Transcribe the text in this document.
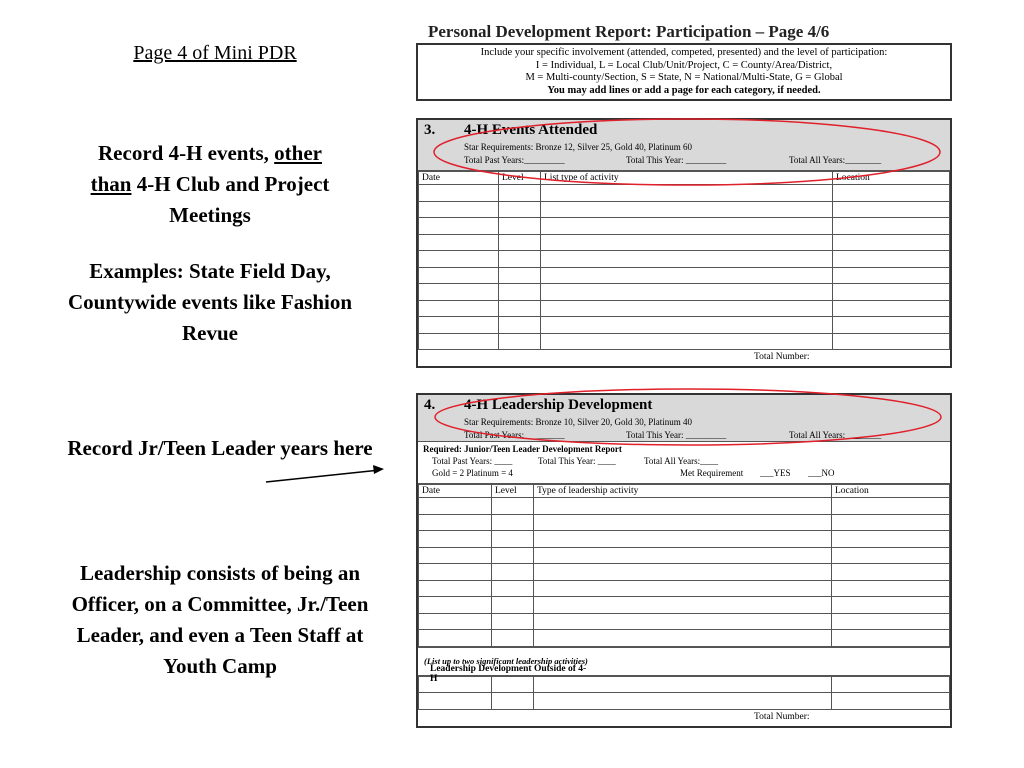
Page 4 of Mini PDR
Record 4-H events, other
than 4-H Club and Project Meetings
Examples: State Field Day, Countywide events like Fashion Revue
Record Jr/Teen Leader years here
Leadership consists of being an Officer, on a Committee, Jr./Teen Leader, and even a Teen Staff at Youth Camp
Personal Development Report: Participation – Page 4/6
Include your specific involvement (attended, competed, presented) and the level of participation:
I = Individual, L = Local Club/Unit/Project, C = County/Area/District,
M = Multi-county/Section, S = State, N = National/Multi-State, G = Global
You may add lines or add a page for each category, if needed.
3. 4-H Events Attended
Star Requirements: Bronze 12, Silver 25, Gold 40, Platinum 60
Total Past Years:_________	Total This Year: _________	Total All Years:________
Date	Level	List type of activity	Location

Total Number:
4. 4-H Leadership Development
Star Requirements: Bronze 10, Silver 20, Gold 30, Platinum 40
Total Past Years:_________	Total This Year: _________	Total All Years:________
Required: Junior/Teen Leader Development Report
Total Past Years: ____	Total This Year: ____	Total All Years:____
Gold = 2 Platinum = 4	Met Requirement ___YES ___NO
Date	Level	Type of leadership activity	Location

Leadership Development Outside of 4-H
(List up to two significant leadership activities)

Total Number:
